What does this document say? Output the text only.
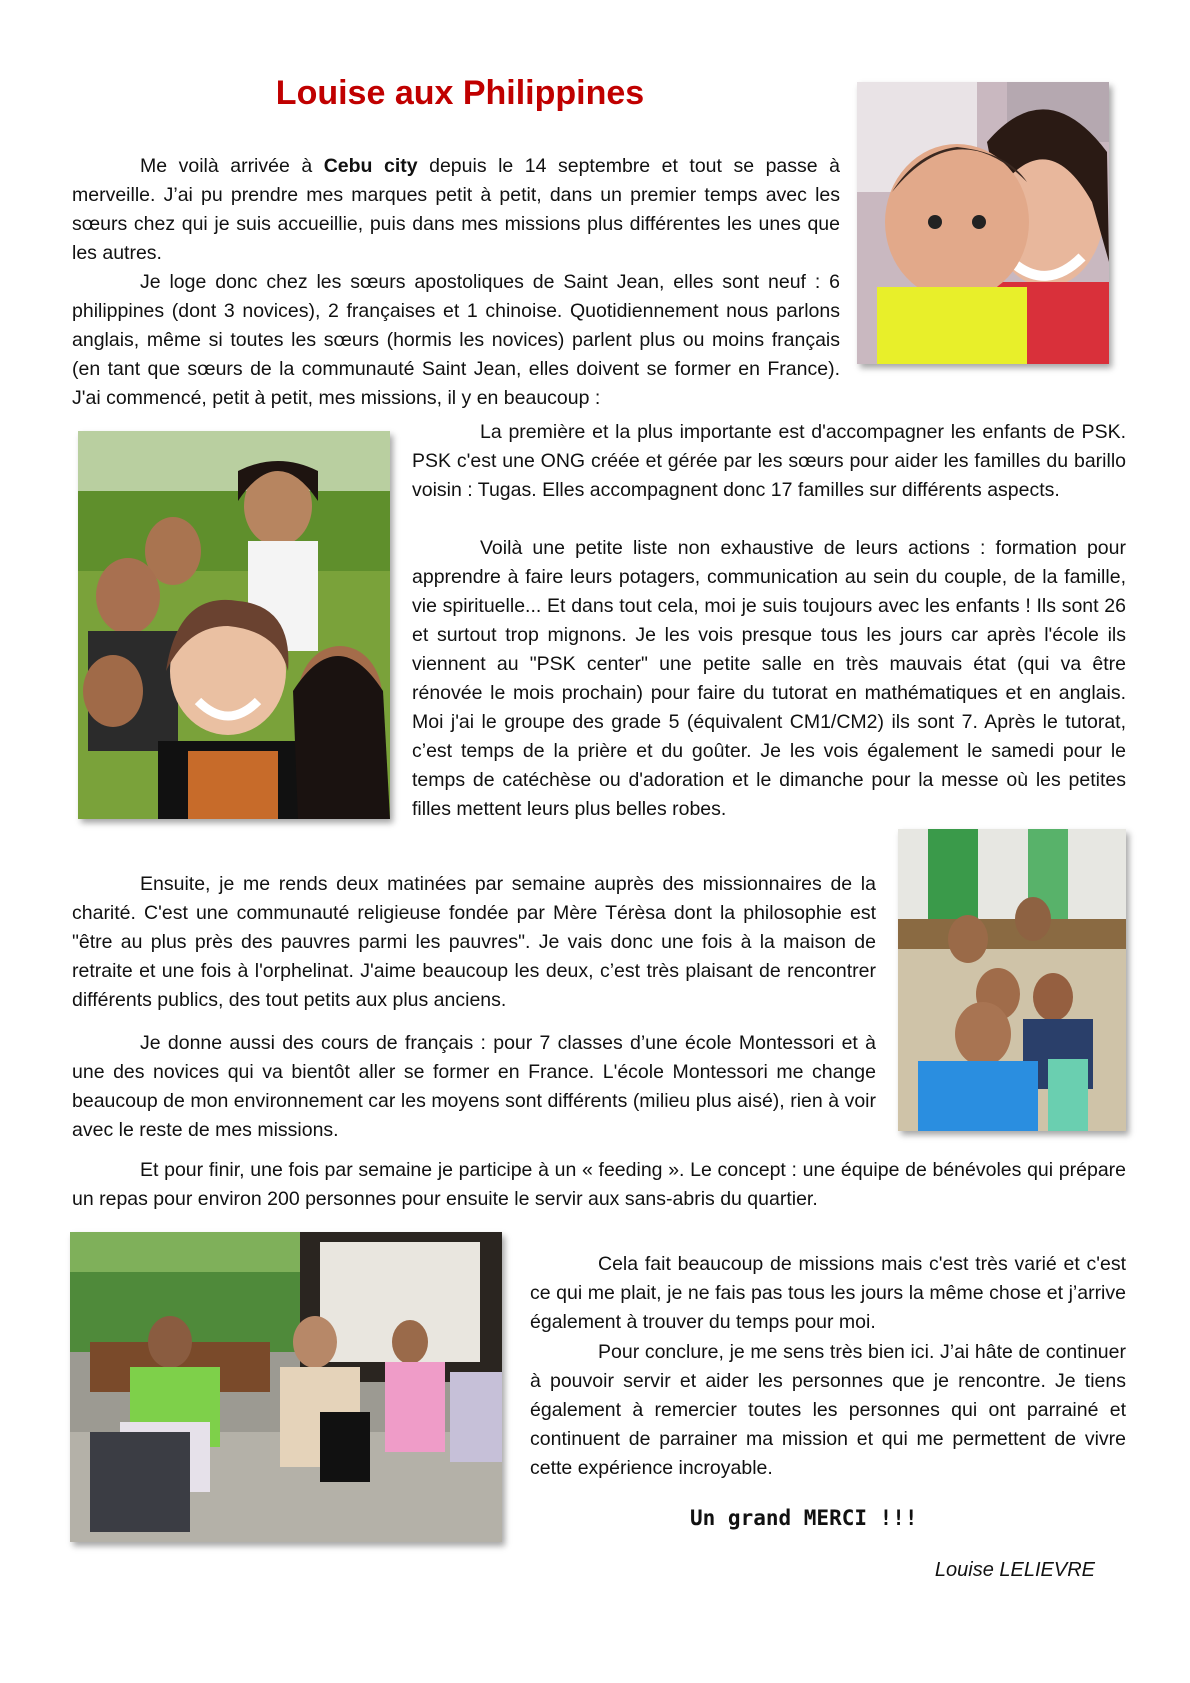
Louise aux Philippines

Me voilà arrivée à Cebu city depuis le 14 septembre et tout se passe à merveille. J’ai pu prendre mes marques petit à petit, dans un premier temps avec les sœurs chez qui je suis accueillie, puis dans mes missions plus différentes les unes que les autres.

Je loge donc chez les sœurs apostoliques de Saint Jean, elles sont neuf : 6 philippines (dont 3 novices), 2 françaises et 1 chinoise. Quotidiennement nous parlons anglais, même si toutes les sœurs (hormis les novices) parlent plus ou moins français (en tant que sœurs de la communauté Saint Jean, elles doivent se former en France). J'ai commencé, petit à petit, mes missions, il y en beaucoup :

La première et la plus importante est d'accompagner les enfants de PSK. PSK c'est une ONG créée et gérée par les sœurs pour aider les familles du barillo voisin : Tugas. Elles accompagnent donc 17 familles sur différents aspects.

Voilà une petite liste non exhaustive de leurs actions : formation pour apprendre à faire leurs potagers, communication au sein du couple, de la famille, vie spirituelle... Et dans tout cela, moi je suis toujours avec les enfants ! Ils sont 26 et surtout trop mignons. Je les vois presque tous les jours car après l'école ils viennent au "PSK center" une petite salle en très mauvais état (qui va être rénovée le mois prochain) pour faire du tutorat en mathématiques et en anglais. Moi j'ai le groupe des grade 5 (équivalent CM1/CM2) ils sont 7. Après le tutorat, c’est temps de la prière et du goûter. Je les vois également le samedi pour le temps de catéchèse ou d'adoration et le dimanche pour la messe où les petites filles mettent leurs plus belles robes.

Ensuite, je me rends deux matinées par semaine auprès des missionnaires de la charité. C'est une communauté religieuse fondée par Mère Térèsa dont la philosophie est "être au plus près des pauvres parmi les pauvres". Je vais donc une fois à la maison de retraite et une fois à l'orphelinat. J'aime beaucoup les deux, c’est très plaisant de rencontrer différents publics, des tout petits aux plus anciens.

Je donne aussi des cours de français : pour 7 classes d’une école Montessori et à une des novices qui va bientôt aller se former en France. L'école Montessori me change beaucoup de mon environnement car les moyens sont différents (milieu plus aisé), rien à voir avec le reste de mes missions.

Et pour finir, une fois par semaine je participe à un « feeding ». Le concept : une équipe de bénévoles qui prépare un repas pour environ 200 personnes pour ensuite le servir aux sans-abris du quartier.

Cela fait beaucoup de missions mais c'est très varié et c'est ce qui me plait, je ne fais pas tous les jours la même chose et j’arrive également à trouver du temps pour moi.

Pour conclure, je me sens très bien ici. J’ai hâte de continuer à pouvoir servir et aider les personnes que je rencontre. Je tiens également à remercier toutes les personnes qui ont parrainé et continuent de parrainer ma mission et qui me permettent de vivre cette expérience incroyable.

Un grand MERCI !!!
Louise LELIEVRE
